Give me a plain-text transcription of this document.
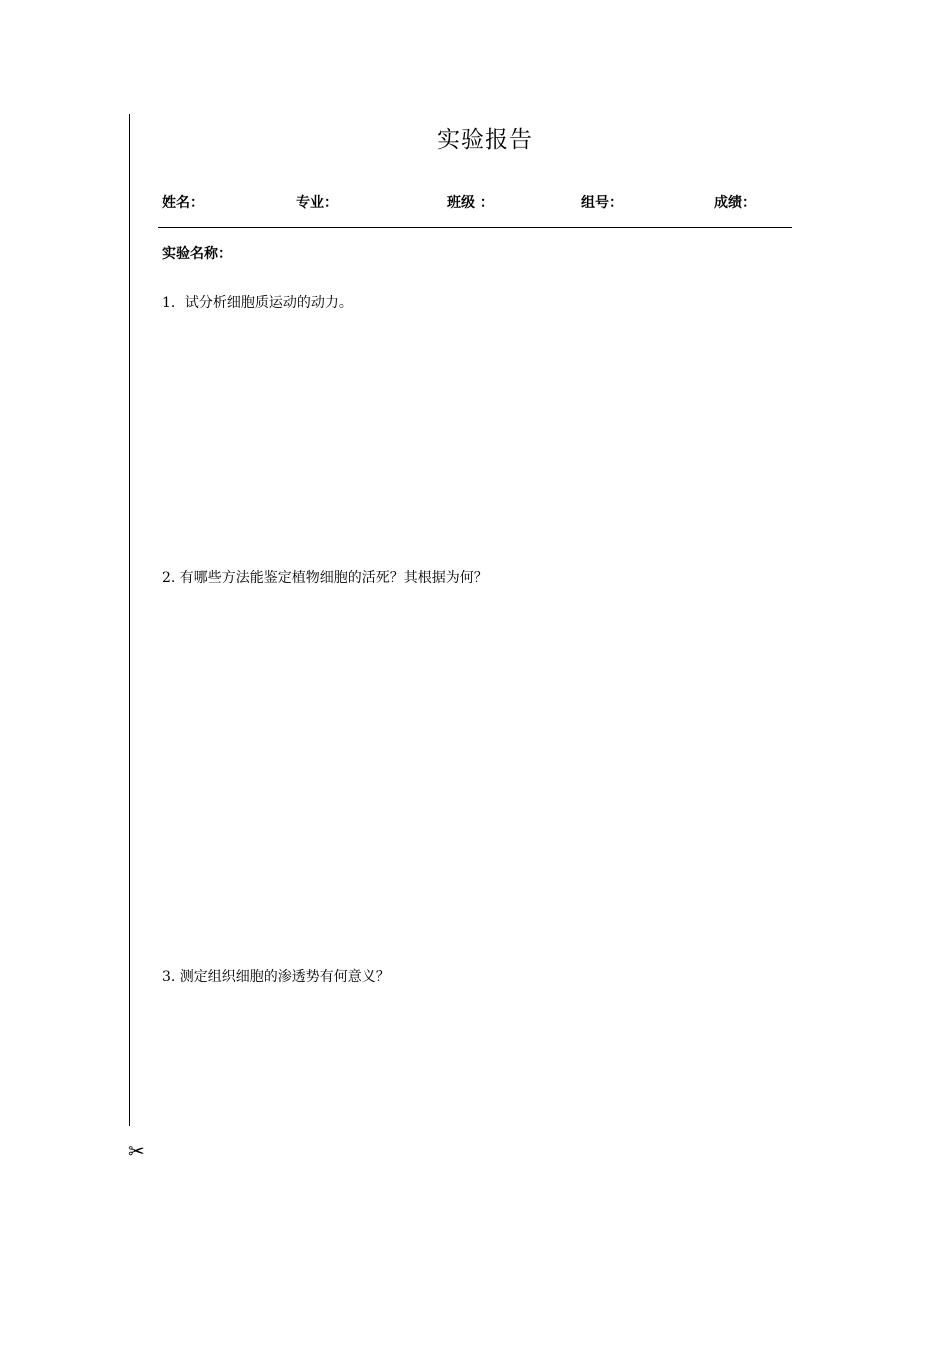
实验报告
姓名：	专业：	班级 ：	组号：	成绩：
实验名称：
1．试分析细胞质运动的动力。
2. 有哪些方法能鉴定植物细胞的活死？其根据为何？
3. 测定组织细胞的渗透势有何意义？
✂
